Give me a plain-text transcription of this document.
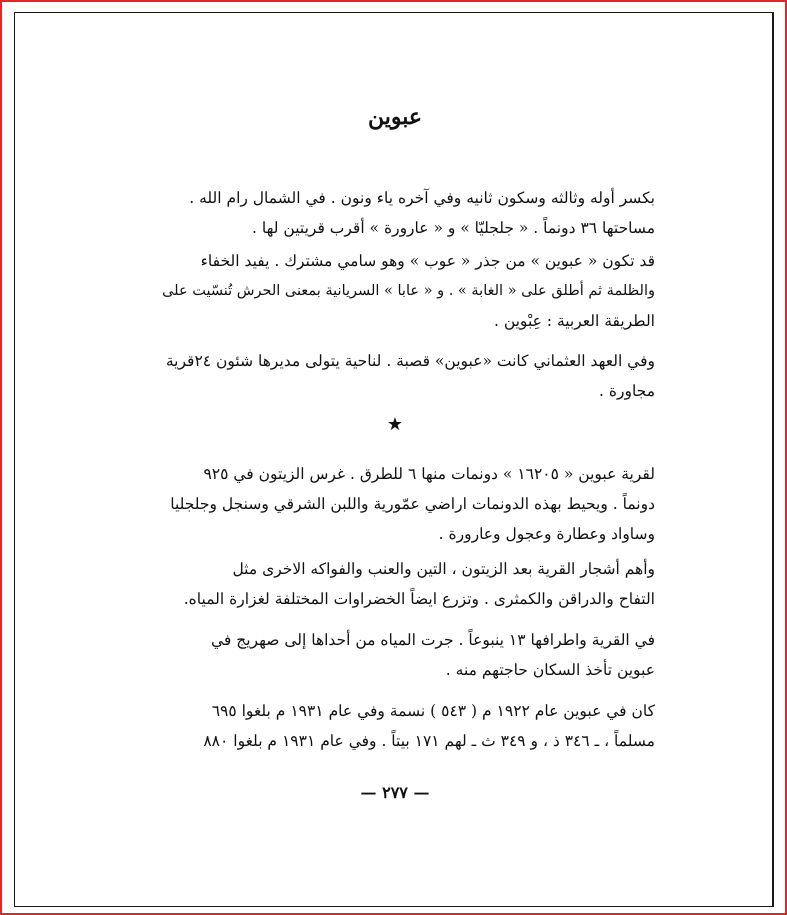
عبوين
بكسر أوله وثالثه وسكون ثانيه وفي آخره ياء ونون . في الشمال رام الله .
مساحتها ٣٦ دونماً . « جلجليّا » و « عارورة » أقرب قريتين لها .
قد تكون « عبوين » من جذر « عوب » وهو سامي مشترك . يفيد الخفاء
والظلمة ثم أطلق على « الغابة » . و « عابا » السريانية بمعنى الحرش تُنسّيت على
الطريقة العربية : عِبْوين .
وفي العهد العثماني كانت «عبوين» قصبة . لناحية يتولى مديرها شئون ٢٤قرية
مجاورة .
★
لقرية عبوين « ١٦٢٠٥ » دونمات منها ٦ للطرق . غرس الزيتون في ٩٢٥
دونماً . ويحيط بهذه الدونمات اراضي عمّورية واللبن الشرقي وسنجل وجلجليا
وساواد وعطارة وعجول وعارورة .
وأهم أشجار القرية بعد الزيتون ، التين والعنب والفواكه الاخرى مثل
التفاح والدراقن والكمثرى . وتزرع ايضاً الخضراوات المختلفة لغزارة المياه.
في القرية واطرافها ١٣ ينبوعاً . جرت المياه من أحداها إلى صهريج في
عبوين تأخذ السكان حاجتهم منه .
كان في عبوين عام ١٩٢٢ م ( ٥٤٣ ) نسمة وفي عام ١٩٣١ م بلغوا ٦٩٥
مسلماً ، ـ ٣٤٦ ذ ، و ٣٤٩ ث ـ لهم ١٧١ بيتاً . وفي عام ١٩٣١ م بلغوا ٨٨٠
— ٢٧٧ —
